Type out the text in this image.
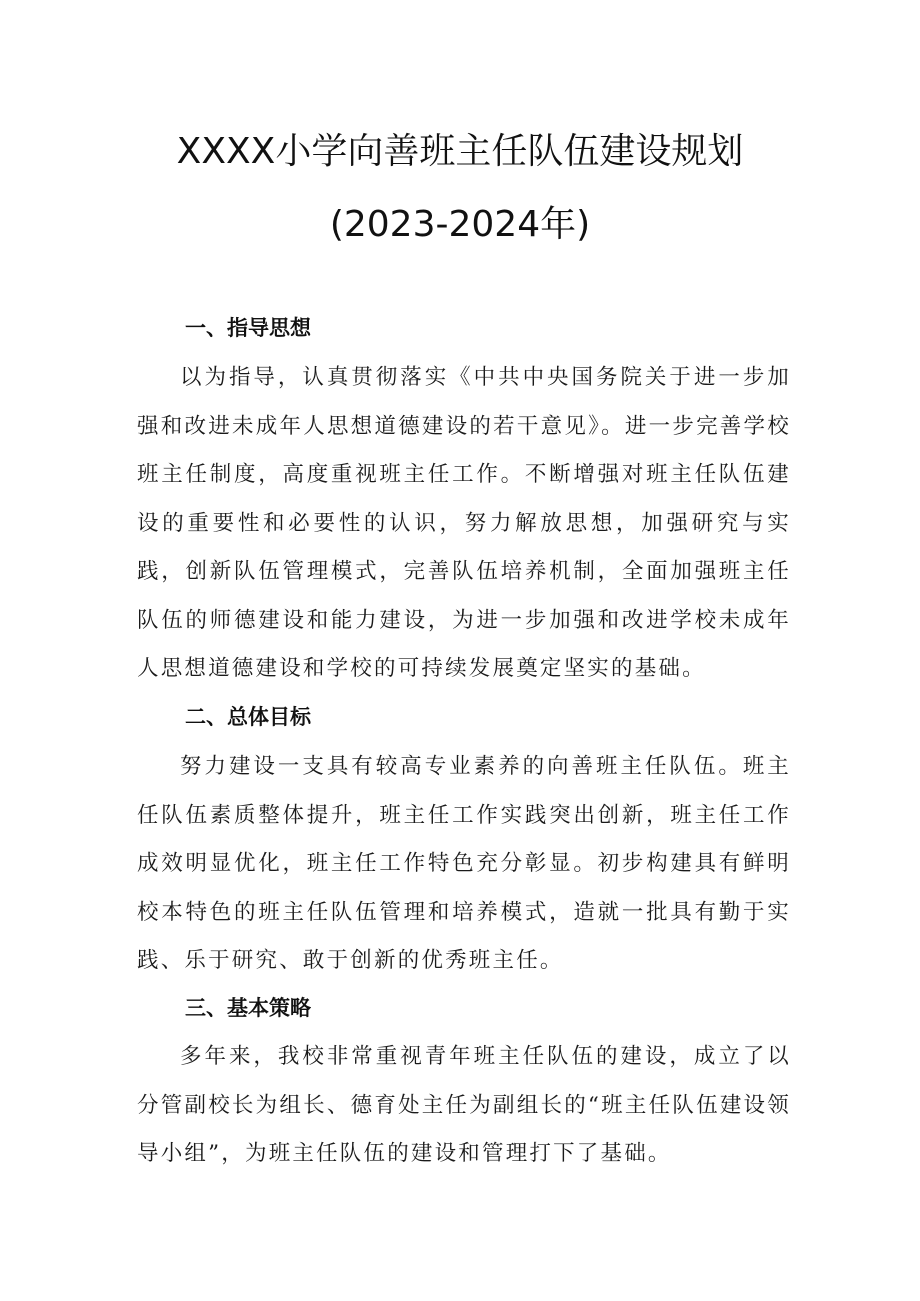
XXXX小学向善班主任队伍建设规划
(2023-2024年)
一、指导思想

以为指导，认真贯彻落实《中共中央国务院关于进一步加强和改进未成年人思想道德建设的若干意见》。进一步完善学校班主任制度，高度重视班主任工作。不断增强对班主任队伍建设的重要性和必要性的认识，努力解放思想，加强研究与实践，创新队伍管理模式，完善队伍培养机制，全面加强班主任队伍的师德建设和能力建设，为进一步加强和改进学校未成年人思想道德建设和学校的可持续发展奠定坚实的基础。

二、总体目标

努力建设一支具有较高专业素养的向善班主任队伍。班主任队伍素质整体提升，班主任工作实践突出创新，班主任工作成效明显优化，班主任工作特色充分彰显。初步构建具有鲜明校本特色的班主任队伍管理和培养模式，造就一批具有勤于实践、乐于研究、敢于创新的优秀班主任。

三、基本策略

多年来，我校非常重视青年班主任队伍的建设，成立了以分管副校长为组长、德育处主任为副组长的“班主任队伍建设领导小组”，为班主任队伍的建设和管理打下了基础。
